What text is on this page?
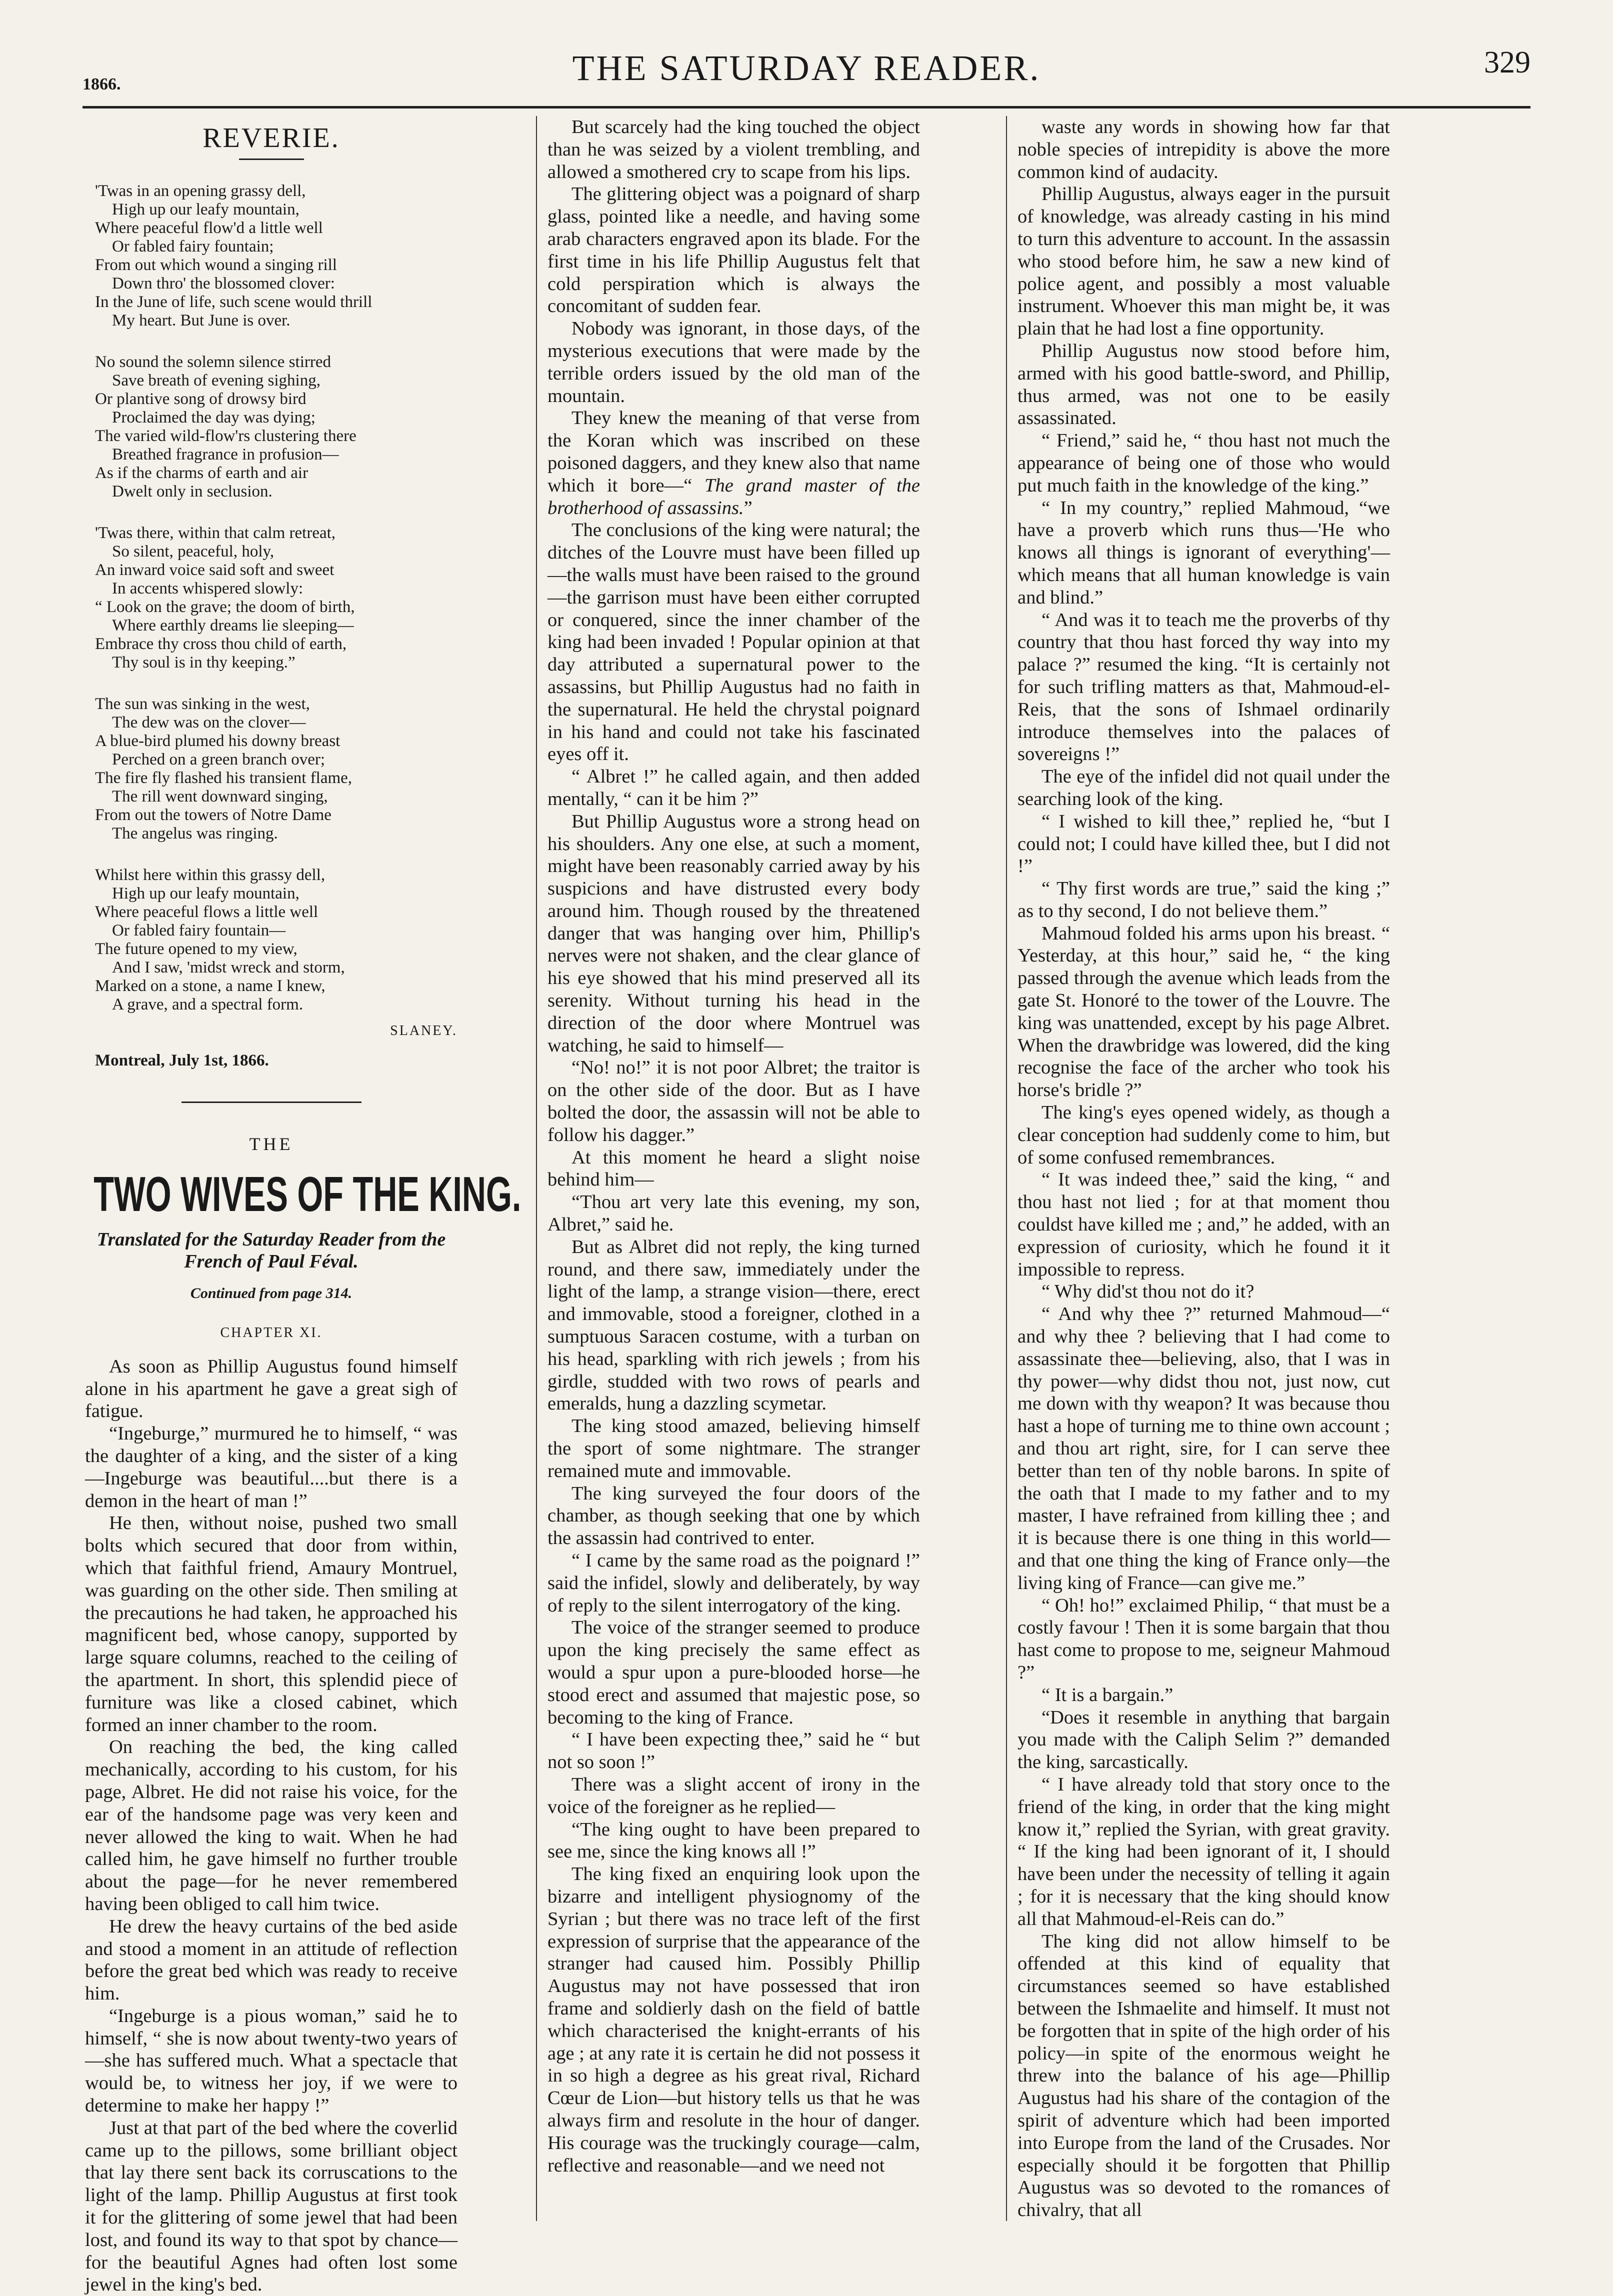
1866.	THE SATURDAY READER.	329
REVERIE.
'Twas in an opening grassy dell,
High up our leafy mountain,
Where peaceful flow'd a little well
Or fabled fairy fountain;
From out which wound a singing rill
Down thro' the blossomed clover:
In the June of life, such scene would thrill
My heart. But June is over.
No sound the solemn silence stirred
Save breath of evening sighing,
Or plantive song of drowsy bird
Proclaimed the day was dying;
The varied wild-flow'rs clustering there
Breathed fragrance in profusion—
As if the charms of earth and air
Dwelt only in seclusion.
'Twas there, within that calm retreat,
So silent, peaceful, holy,
An inward voice said soft and sweet
In accents whispered slowly:
“ Look on the grave; the doom of birth,
Where earthly dreams lie sleeping—
Embrace thy cross thou child of earth,
Thy soul is in thy keeping.”
The sun was sinking in the west,
The dew was on the clover—
A blue-bird plumed his downy breast
Perched on a green branch over;
The fire fly flashed his transient flame,
The rill went downward singing,
From out the towers of Notre Dame
The angelus was ringing.
Whilst here within this grassy dell,
High up our leafy mountain,
Where peaceful flows a little well
Or fabled fairy fountain—
The future opened to my view,
And I saw, 'midst wreck and storm,
Marked on a stone, a name I knew,
A grave, and a spectral form.
SLANEY.
Montreal, July 1st, 1866.
THE
TWO WIVES OF THE KING.
Translated for the Saturday Reader from the French of Paul Féval.
Continued from page 314.
CHAPTER XI.

As soon as Phillip Augustus found himself alone in his apartment he gave a great sigh of fatigue.

“Ingeburge,” murmured he to himself, “ was the daughter of a king, and the sister of a king —Ingeburge was beautiful....but there is a demon in the heart of man !”

He then, without noise, pushed two small bolts which secured that door from within, which that faithful friend, Amaury Montruel, was guarding on the other side. Then smiling at the precautions he had taken, he approached his magnificent bed, whose canopy, supported by large square columns, reached to the ceiling of the apartment. In short, this splendid piece of furniture was like a closed cabinet, which formed an inner chamber to the room.

On reaching the bed, the king called mechanically, according to his custom, for his page, Albret. He did not raise his voice, for the ear of the handsome page was very keen and never allowed the king to wait. When he had called him, he gave himself no further trouble about the page—for he never remembered having been obliged to call him twice.

He drew the heavy curtains of the bed aside and stood a moment in an attitude of reflection before the great bed which was ready to receive him.

“Ingeburge is a pious woman,” said he to himself, “ she is now about twenty-two years of —she has suffered much. What a spectacle that would be, to witness her joy, if we were to determine to make her happy !”

Just at that part of the bed where the coverlid came up to the pillows, some brilliant object that lay there sent back its corruscations to the light of the lamp. Phillip Augustus at first took it for the glittering of some jewel that had been lost, and found its way to that spot by chance—for the beautiful Agnes had often lost some jewel in the king's bed.

But scarcely had the king touched the object than he was seized by a violent trembling, and allowed a smothered cry to scape from his lips.

The glittering object was a poignard of sharp glass, pointed like a needle, and having some arab characters engraved apon its blade. For the first time in his life Phillip Augustus felt that cold perspiration which is always the concomitant of sudden fear.

Nobody was ignorant, in those days, of the mysterious executions that were made by the terrible orders issued by the old man of the mountain.

They knew the meaning of that verse from the Koran which was inscribed on these poisoned daggers, and they knew also that name which it bore—“ The grand master of the brotherhood of assassins.”

The conclusions of the king were natural; the ditches of the Louvre must have been filled up—the walls must have been raised to the ground—the garrison must have been either corrupted or conquered, since the inner chamber of the king had been invaded ! Popular opinion at that day attributed a supernatural power to the assassins, but Phillip Augustus had no faith in the supernatural. He held the chrystal poignard in his hand and could not take his fascinated eyes off it.

“ Albret !” he called again, and then added mentally, “ can it be him ?”

But Phillip Augustus wore a strong head on his shoulders. Any one else, at such a moment, might have been reasonably carried away by his suspicions and have distrusted every body around him. Though roused by the threatened danger that was hanging over him, Phillip's nerves were not shaken, and the clear glance of his eye showed that his mind preserved all its serenity. Without turning his head in the direction of the door where Montruel was watching, he said to himself—

“No! no!” it is not poor Albret; the traitor is on the other side of the door. But as I have bolted the door, the assassin will not be able to follow his dagger.”

At this moment he heard a slight noise behind him—

“Thou art very late this evening, my son, Albret,” said he.

But as Albret did not reply, the king turned round, and there saw, immediately under the light of the lamp, a strange vision—there, erect and immovable, stood a foreigner, clothed in a sumptuous Saracen costume, with a turban on his head, sparkling with rich jewels ; from his girdle, studded with two rows of pearls and emeralds, hung a dazzling scymetar.

The king stood amazed, believing himself the sport of some nightmare. The stranger remained mute and immovable.

The king surveyed the four doors of the chamber, as though seeking that one by which the assassin had contrived to enter.

“ I came by the same road as the poignard !” said the infidel, slowly and deliberately, by way of reply to the silent interrogatory of the king.

The voice of the stranger seemed to produce upon the king precisely the same effect as would a spur upon a pure-blooded horse—he stood erect and assumed that majestic pose, so becoming to the king of France.

“ I have been expecting thee,” said he “ but not so soon !”

There was a slight accent of irony in the voice of the foreigner as he replied—

“The king ought to have been prepared to see me, since the king knows all !”

The king fixed an enquiring look upon the bizarre and intelligent physiognomy of the Syrian ; but there was no trace left of the first expression of surprise that the appearance of the stranger had caused him. Possibly Phillip Augustus may not have possessed that iron frame and soldierly dash on the field of battle which characterised the knight-errants of his age ; at any rate it is certain he did not possess it in so high a degree as his great rival, Richard Cœur de Lion—but history tells us that he was always firm and resolute in the hour of danger. His courage was the truckingly courage—calm, reflective and reasonable—and we need not

waste any words in showing how far that noble species of intrepidity is above the more common kind of audacity.

Phillip Augustus, always eager in the pursuit of knowledge, was already casting in his mind to turn this adventure to account. In the assassin who stood before him, he saw a new kind of police agent, and possibly a most valuable instrument. Whoever this man might be, it was plain that he had lost a fine opportunity.

Phillip Augustus now stood before him, armed with his good battle-sword, and Phillip, thus armed, was not one to be easily assassinated.

“ Friend,” said he, “ thou hast not much the appearance of being one of those who would put much faith in the knowledge of the king.”

“ In my country,” replied Mahmoud, “we have a proverb which runs thus—'He who knows all things is ignorant of everything'—which means that all human knowledge is vain and blind.”

“ And was it to teach me the proverbs of thy country that thou hast forced thy way into my palace ?” resumed the king. “It is certainly not for such trifling matters as that, Mahmoud-el-Reis, that the sons of Ishmael ordinarily introduce themselves into the palaces of sovereigns !”

The eye of the infidel did not quail under the searching look of the king.

“ I wished to kill thee,” replied he, “but I could not; I could have killed thee, but I did not !”

“ Thy first words are true,” said the king ;” as to thy second, I do not believe them.”

Mahmoud folded his arms upon his breast. “ Yesterday, at this hour,” said he, “ the king passed through the avenue which leads from the gate St. Honoré to the tower of the Louvre. The king was unattended, except by his page Albret. When the drawbridge was lowered, did the king recognise the face of the archer who took his horse's bridle ?”

The king's eyes opened widely, as though a clear conception had suddenly come to him, but of some confused remembrances.

“ It was indeed thee,” said the king, “ and thou hast not lied ; for at that moment thou couldst have killed me ; and,” he added, with an expression of curiosity, which he found it it impossible to repress.

“ Why did'st thou not do it?

“ And why thee ?” returned Mahmoud—“ and why thee ? believing that I had come to assassinate thee—believing, also, that I was in thy power—why didst thou not, just now, cut me down with thy weapon? It was because thou hast a hope of turning me to thine own account ; and thou art right, sire, for I can serve thee better than ten of thy noble barons. In spite of the oath that I made to my father and to my master, I have refrained from killing thee ; and it is because there is one thing in this world—and that one thing the king of France only—the living king of France—can give me.”

“ Oh! ho!” exclaimed Philip, “ that must be a costly favour ! Then it is some bargain that thou hast come to propose to me, seigneur Mahmoud ?”

“ It is a bargain.”

“Does it resemble in anything that bargain you made with the Caliph Selim ?” demanded the king, sarcastically.

“ I have already told that story once to the friend of the king, in order that the king might know it,” replied the Syrian, with great gravity. “ If the king had been ignorant of it, I should have been under the necessity of telling it again ; for it is necessary that the king should know all that Mahmoud-el-Reis can do.”

The king did not allow himself to be offended at this kind of equality that circumstances seemed so have established between the Ishmaelite and himself. It must not be forgotten that in spite of the high order of his policy—in spite of the enormous weight he threw into the balance of his age—Phillip Augustus had his share of the contagion of the spirit of adventure which had been imported into Europe from the land of the Crusades. Nor especially should it be forgotten that Phillip Augustus was so devoted to the romances of chivalry, that all
